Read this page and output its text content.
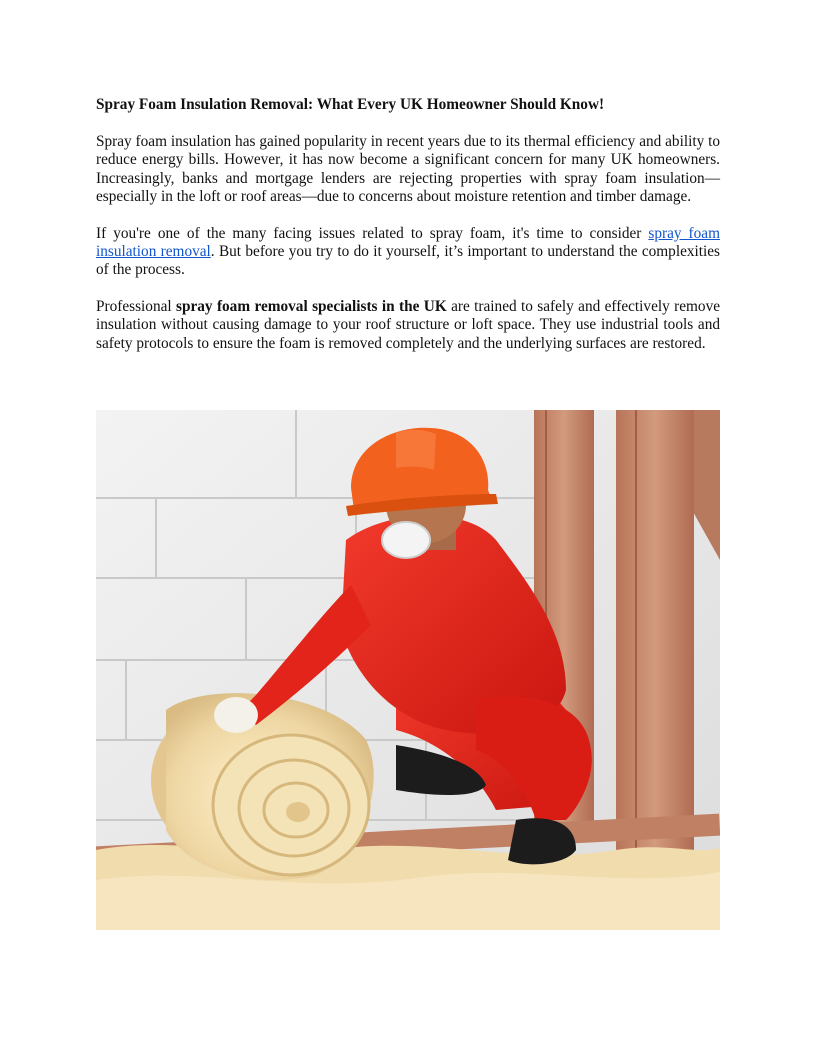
Spray Foam Insulation Removal: What Every UK Homeowner Should Know!

Spray foam insulation has gained popularity in recent years due to its thermal efficiency and ability to reduce energy bills. However, it has now become a significant concern for many UK homeowners. Increasingly, banks and mortgage lenders are rejecting properties with spray foam insulation—especially in the loft or roof areas—due to concerns about moisture retention and timber damage.

If you're one of the many facing issues related to spray foam, it's time to consider spray foam insulation removal. But before you try to do it yourself, it’s important to understand the complexities of the process.

Professional spray foam removal specialists in the UK are trained to safely and effectively remove insulation without causing damage to your roof structure or loft space. They use industrial tools and safety protocols to ensure the foam is removed completely and the underlying surfaces are restored.
